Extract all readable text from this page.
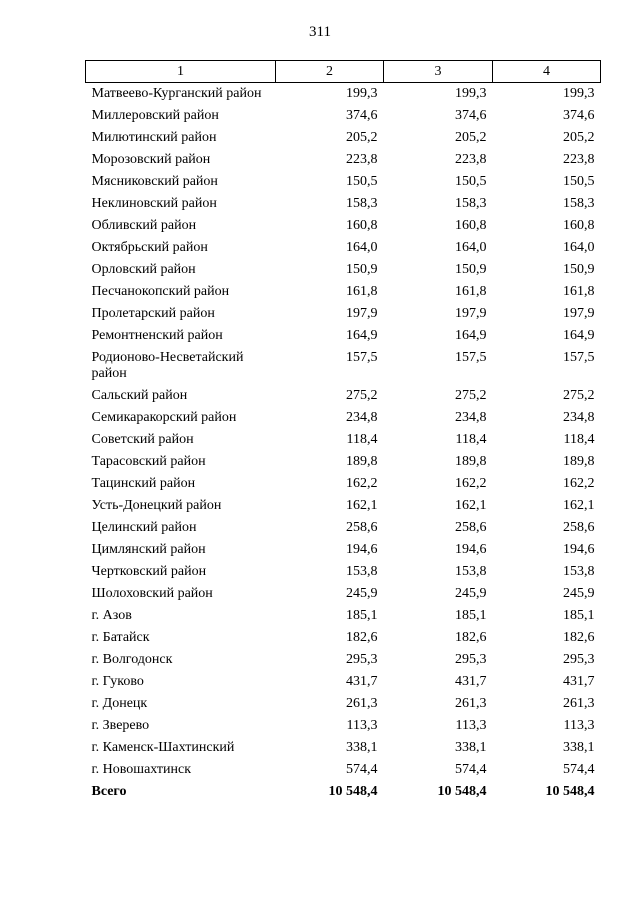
311
1	2	3	4
Матвеево-Курганский район	199,3	199,3	199,3
Миллеровский район	374,6	374,6	374,6
Милютинский район	205,2	205,2	205,2
Морозовский район	223,8	223,8	223,8
Мясниковский район	150,5	150,5	150,5
Неклиновский район	158,3	158,3	158,3
Обливский район	160,8	160,8	160,8
Октябрьский район	164,0	164,0	164,0
Орловский район	150,9	150,9	150,9
Песчанокопский район	161,8	161,8	161,8
Пролетарский район	197,9	197,9	197,9
Ремонтненский район	164,9	164,9	164,9
Родионово-Несветайский район	157,5	157,5	157,5
Сальский район	275,2	275,2	275,2
Семикаракорский район	234,8	234,8	234,8
Советский район	118,4	118,4	118,4
Тарасовский район	189,8	189,8	189,8
Тацинский район	162,2	162,2	162,2
Усть-Донецкий район	162,1	162,1	162,1
Целинский район	258,6	258,6	258,6
Цимлянский район	194,6	194,6	194,6
Чертковский район	153,8	153,8	153,8
Шолоховский район	245,9	245,9	245,9
г. Азов	185,1	185,1	185,1
г. Батайск	182,6	182,6	182,6
г. Волгодонск	295,3	295,3	295,3
г. Гуково	431,7	431,7	431,7
г. Донецк	261,3	261,3	261,3
г. Зверево	113,3	113,3	113,3
г. Каменск-Шахтинский	338,1	338,1	338,1
г. Новошахтинск	574,4	574,4	574,4
Всего	10 548,4	10 548,4	10 548,4
